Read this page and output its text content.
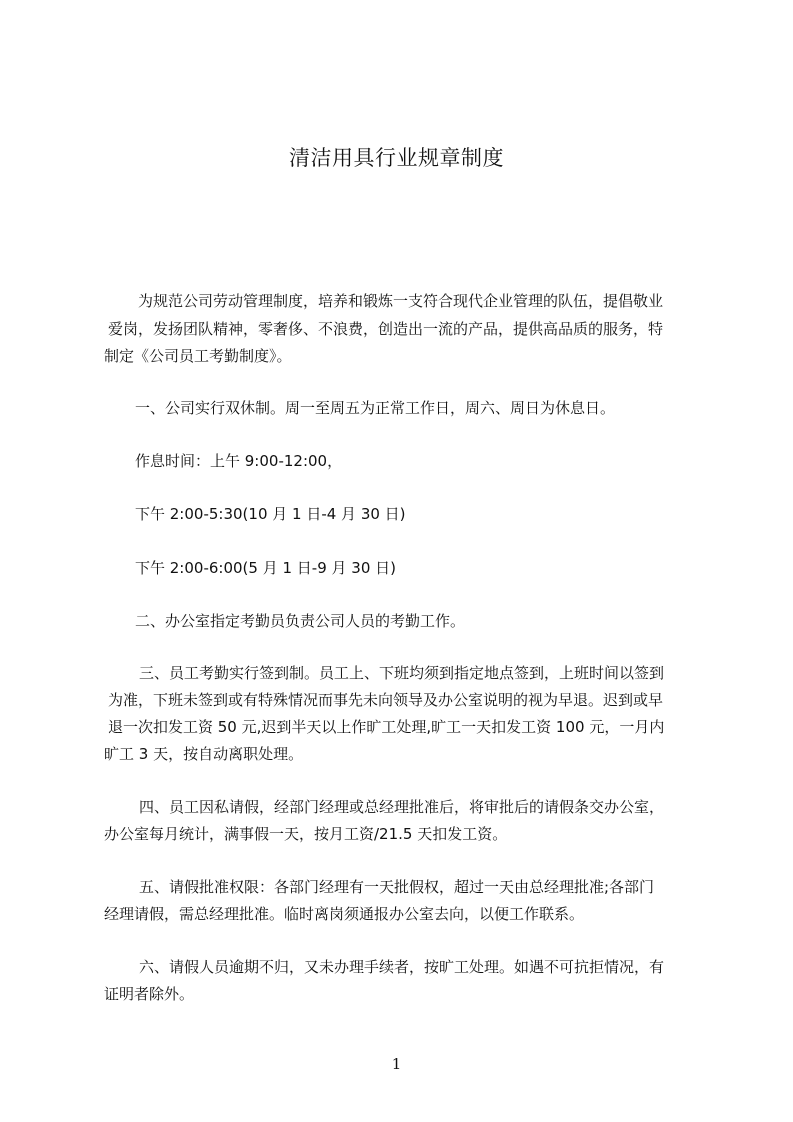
清洁用具行业规章制度
为规范公司劳动管理制度，培养和锻炼一支符合现代企业管理的队伍，提倡敬业
爱岗，发扬团队精神，零奢侈、不浪费，创造出一流的产品，提供高品质的服务，特
制定《公司员工考勤制度》。
一、公司实行双休制。周一至周五为正常工作日，周六、周日为休息日。
作息时间：上午 9:00-12:00，
下午 2:00-5:30(10 月 1 日-4 月 30 日)
下午 2:00-6:00(5 月 1 日-9 月 30 日)
二、办公室指定考勤员负责公司人员的考勤工作。
三、员工考勤实行签到制。员工上、下班均须到指定地点签到，上班时间以签到
为准，下班未签到或有特殊情况而事先未向领导及办公室说明的视为早退。迟到或早
退一次扣发工资 50 元,迟到半天以上作旷工处理,旷工一天扣发工资 100 元，一月内
旷工 3 天，按自动离职处理。
四、员工因私请假，经部门经理或总经理批准后，将审批后的请假条交办公室，
办公室每月统计，满事假一天，按月工资/21.5 天扣发工资。
五、请假批准权限：各部门经理有一天批假权，超过一天由总经理批准;各部门
经理请假，需总经理批准。临时离岗须通报办公室去向，以便工作联系。
六、请假人员逾期不归，又未办理手续者，按旷工处理。如遇不可抗拒情况，有
证明者除外。
1
